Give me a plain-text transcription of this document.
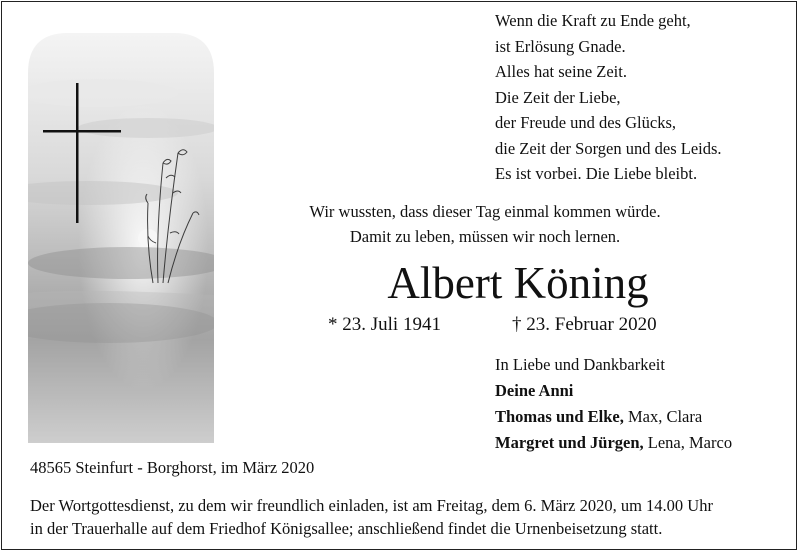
Wenn die Kraft zu Ende geht,
ist Erlösung Gnade.
Alles hat seine Zeit.
Die Zeit der Liebe,
der Freude und des Glücks,
die Zeit der Sorgen und des Leids.
Es ist vorbei. Die Liebe bleibt.
Wir wussten, dass dieser Tag einmal kommen würde.
Damit zu leben, müssen wir noch lernen.
Albert Köning
* 23. Juli 1941	† 23. Februar 2020
In Liebe und Dankbarkeit
Deine Anni
Thomas und Elke, Max, Clara
Margret und Jürgen, Lena, Marco
48565 Steinfurt - Borghorst, im März 2020
Der Wortgottesdienst, zu dem wir freundlich einladen, ist am Freitag, dem 6. März 2020, um 14.00 Uhr
in der Trauerhalle auf dem Friedhof Königsallee; anschließend findet die Urnenbeisetzung statt.
